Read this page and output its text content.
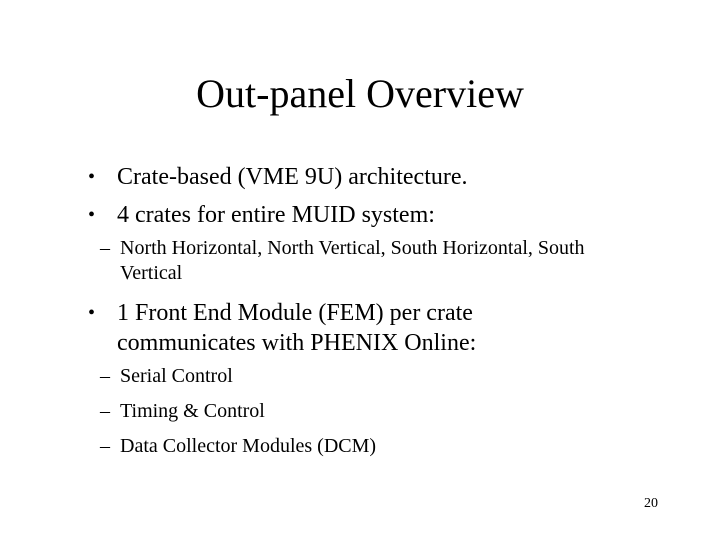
Out-panel Overview
• Crate-based (VME 9U) architecture.
• 4 crates for entire MUID system:
– North Horizontal, North Vertical, South Horizontal, South Vertical
• 1 Front End Module (FEM) per crate communicates with PHENIX Online:
– Serial Control
– Timing & Control
– Data Collector Modules (DCM)
20
